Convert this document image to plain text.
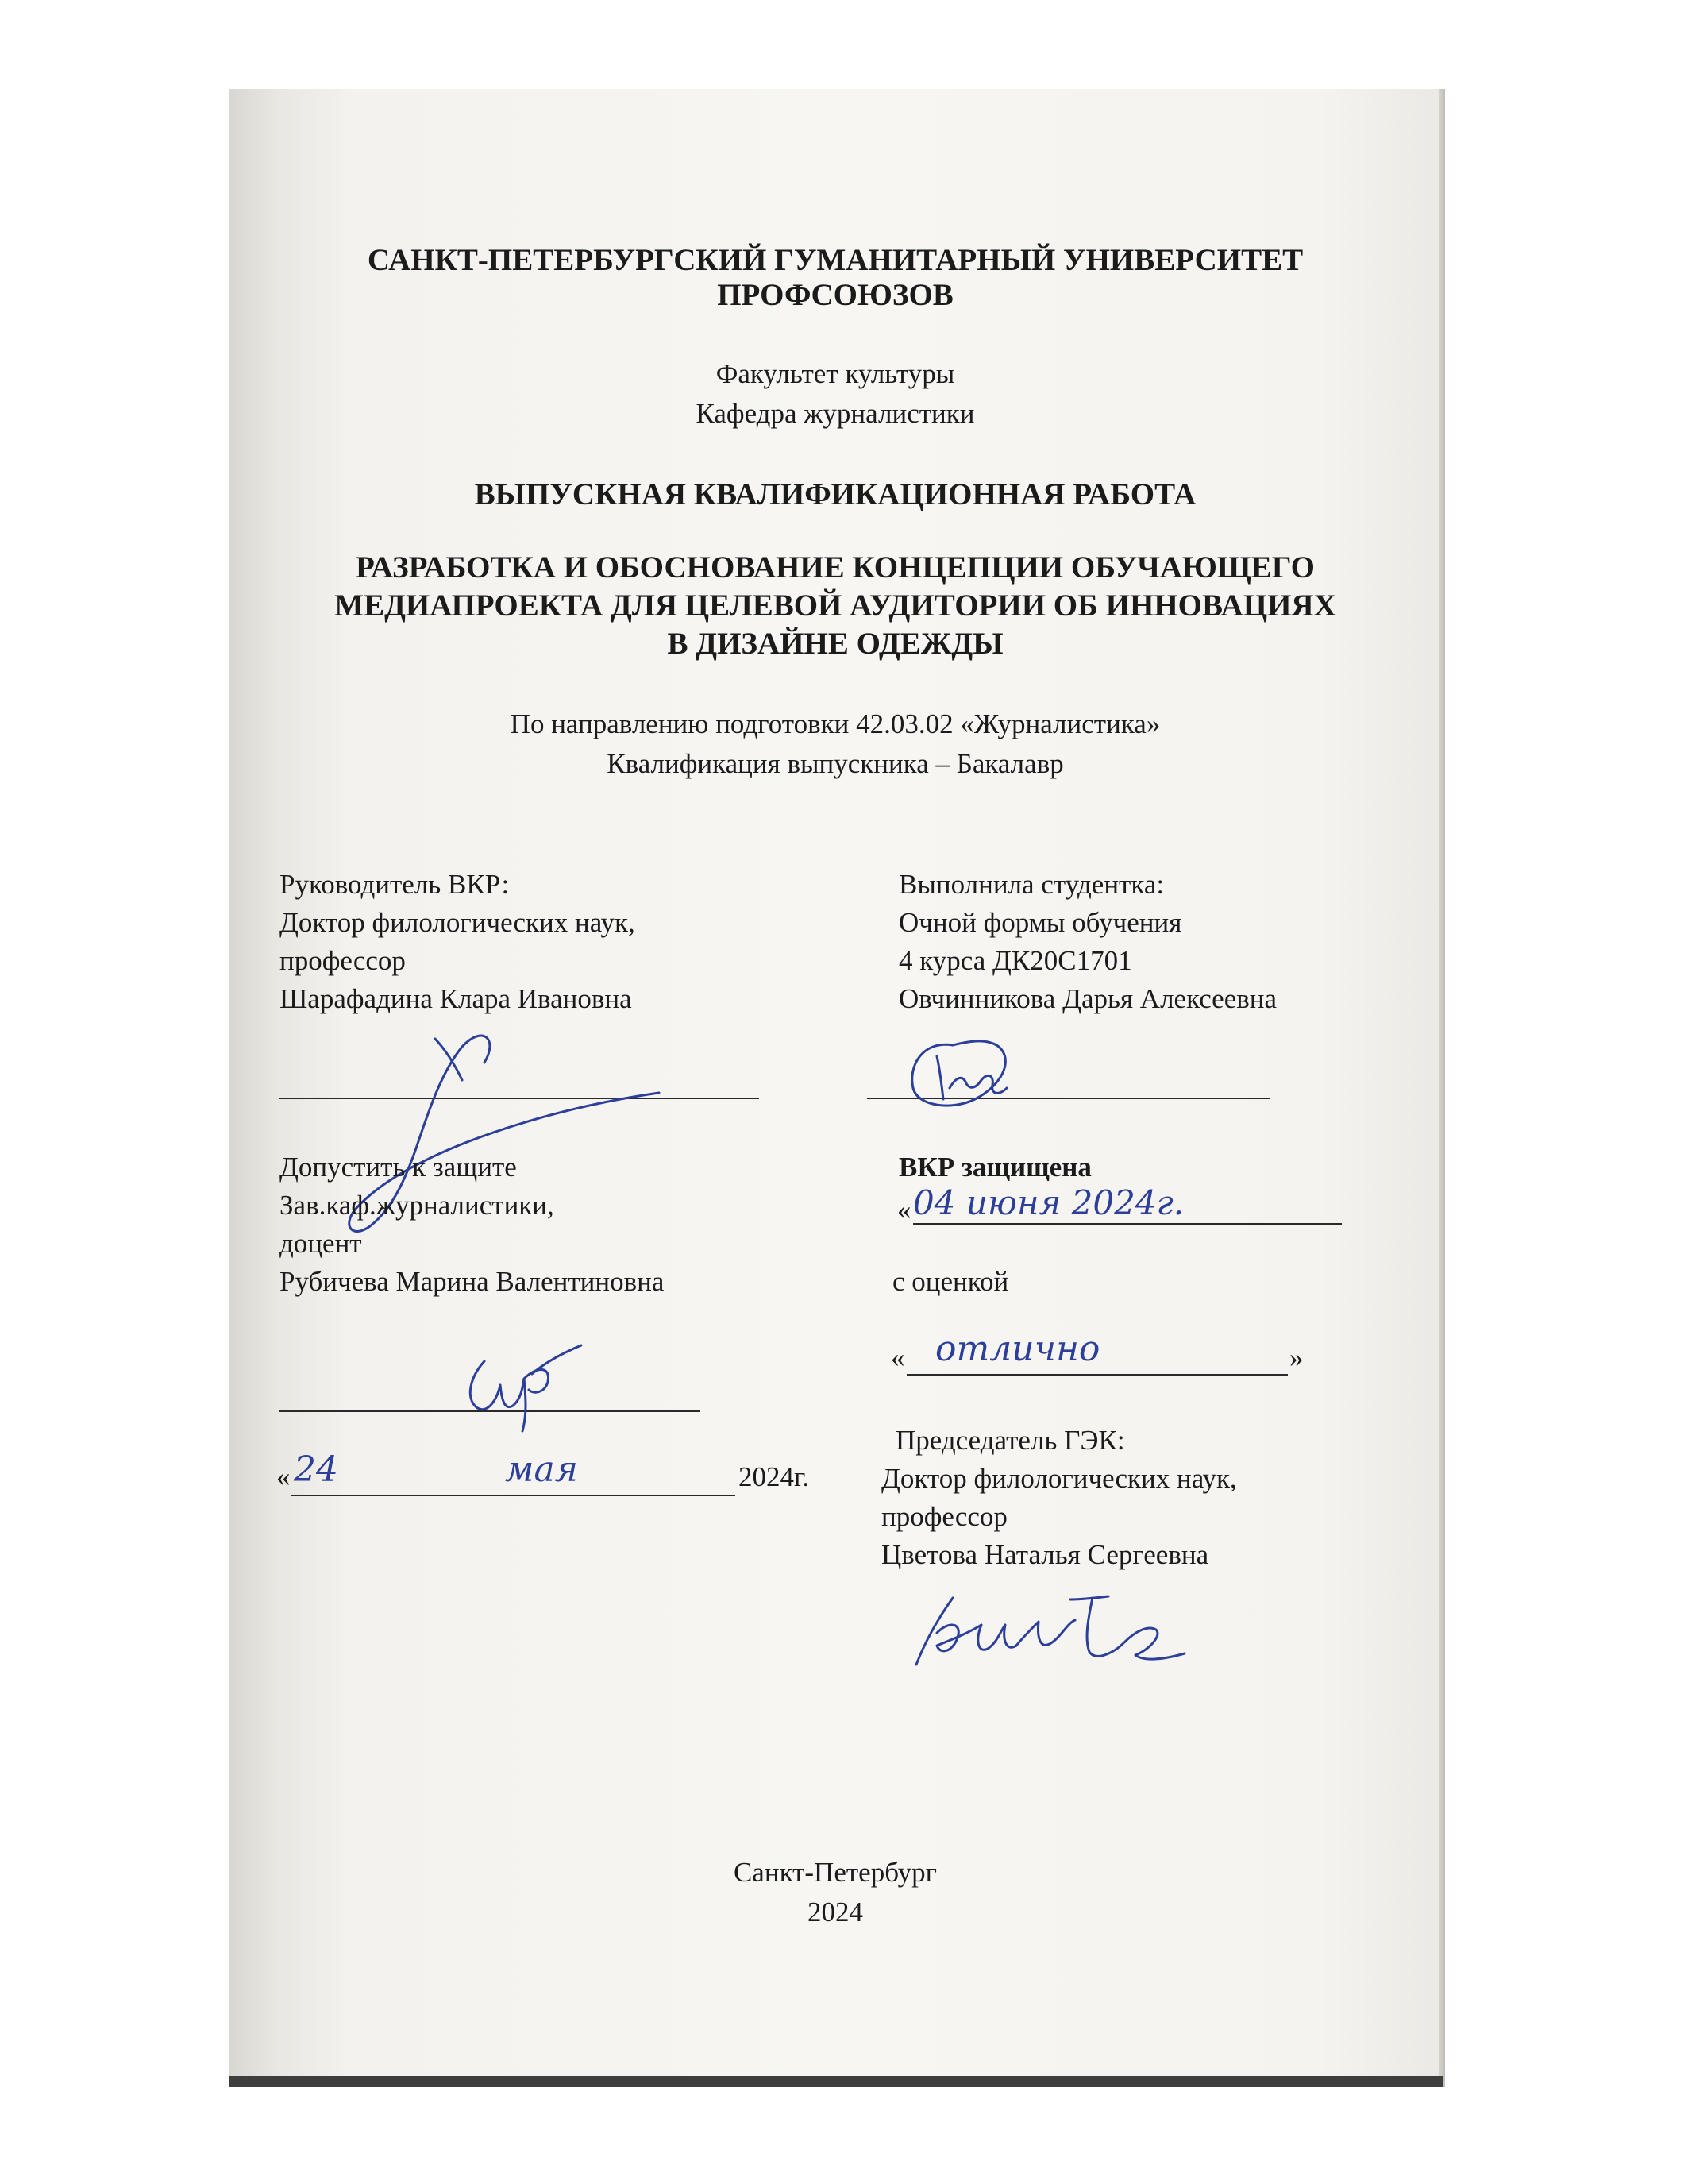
САНКТ-ПЕТЕРБУРГСКИЙ ГУМАНИТАРНЫЙ УНИВЕРСИТЕТ
ПРОФСОЮЗОВ
Факультет культуры
Кафедра журналистики
ВЫПУСКНАЯ КВАЛИФИКАЦИОННАЯ РАБОТА
РАЗРАБОТКА И ОБОСНОВАНИЕ КОНЦЕПЦИИ ОБУЧАЮЩЕГО
МЕДИАПРОЕКТА ДЛЯ ЦЕЛЕВОЙ АУДИТОРИИ ОБ ИННОВАЦИЯХ
В ДИЗАЙНЕ ОДЕЖДЫ
По направлению подготовки 42.03.02 «Журналистика»
Квалификация выпускника – Бакалавр
Руководитель ВКР:
Доктор филологических наук,
профессор
Шарафадина Клара Ивановна
Выполнила студентка:
Очной формы обучения
4 курса ДК20С1701
Овчинникова Дарья Алексеевна
Допустить к защите
Зав.каф.журналистики,
доцент
Рубичева Марина Валентиновна
« 24	мая	2024г.
ВКР защищена
« 04 июня 2024г.
с оценкой
« отлично	»
Председатель ГЭК:
Доктор филологических наук,
профессор
Цветова Наталья Сергеевна
Санкт-Петербург
2024
